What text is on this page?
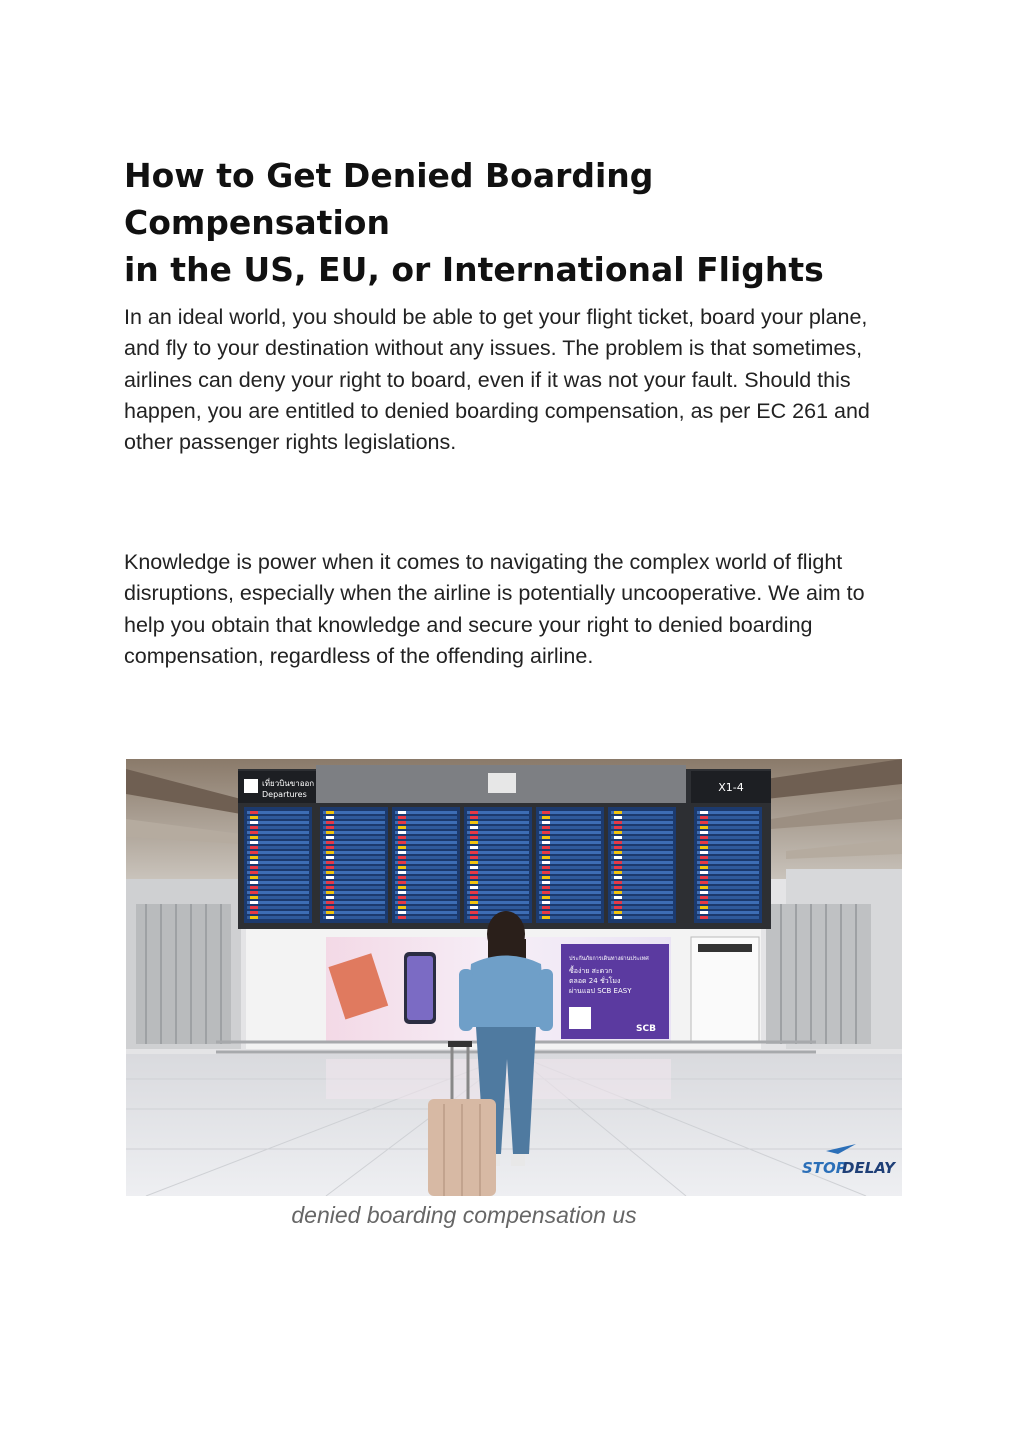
How to Get Denied Boarding Compensation
in the US, EU, or International Flights

In an ideal world, you should be able to get your flight ticket, board your plane, and fly to your destination without any issues. The problem is that sometimes, airlines can deny your right to board, even if it was not your fault. Should this happen, you are entitled to denied boarding compensation, as per EC 261 and other passenger rights legislations.

Knowledge is power when it comes to navigating the complex world of flight disruptions, especially when the airline is potentially uncooperative. We aim to help you obtain that knowledge and secure your right to denied boarding compensation, regardless of the offending airline.

เที่ยวบินขาออก
Departures
X1-4
ประกันภัยการเดินทางผ่านประเทศ
ซื้อง่าย สะดวก
ตลอด 24 ชั่วโมง
ผ่านแอป SCB EASY
SCB
STOP
DELAY
denied boarding compensation us
